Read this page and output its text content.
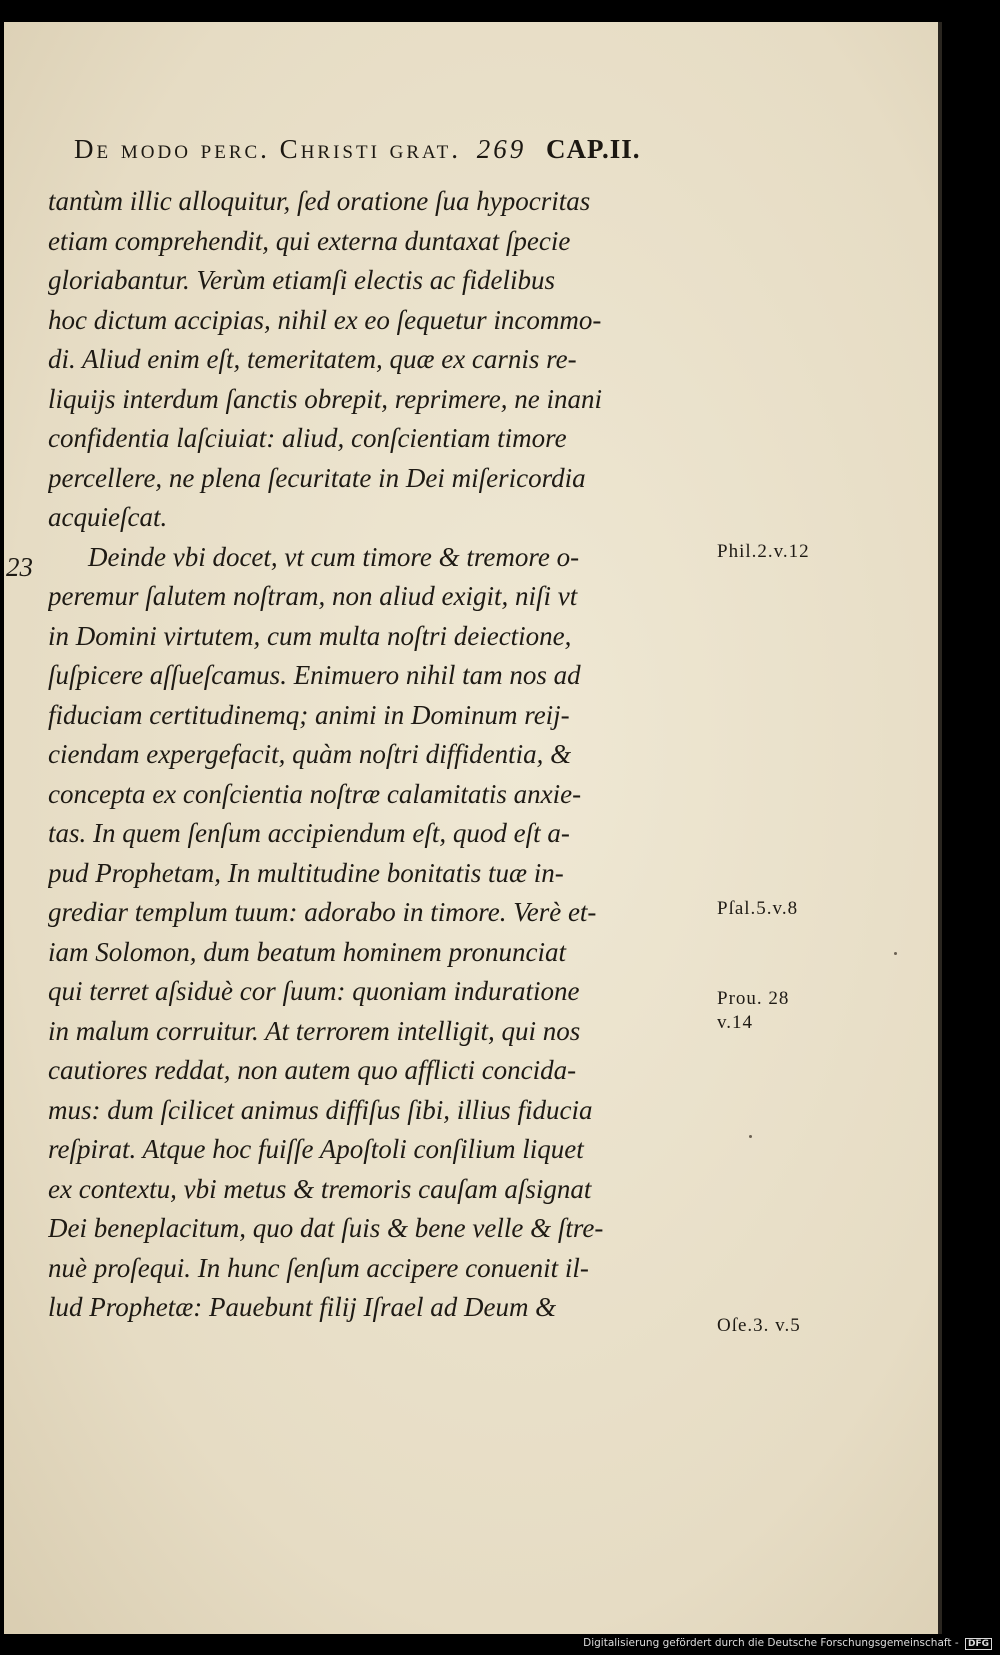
De modo perc. Christi grat. 269 CAP.II.
23
tantùm illic alloquitur, ſed oratione ſua hypocritas
etiam comprehendit, qui externa duntaxat ſpecie
gloriabantur. Verùm etiamſi electis ac fidelibus
hoc dictum accipias, nihil ex eo ſequetur incommo-
di. Aliud enim eſt, temeritatem, quæ ex carnis re-
liquijs interdum ſanctis obrepit, reprimere, ne inani
confidentia laſciuiat: aliud, conſcientiam timore
percellere, ne plena ſecuritate in Dei miſericordia
acquieſcat.
Deinde vbi docet, vt cum timore & tremore o-
peremur ſalutem noſtram, non aliud exigit, niſi vt
in Domini virtutem, cum multa noſtri deiectione,
ſuſpicere aſſueſcamus. Enimuero nihil tam nos ad
fiduciam certitudinemq; animi in Dominum reij-
ciendam expergefacit, quàm noſtri diffidentia, &
concepta ex conſcientia noſtræ calamitatis anxie-
tas. In quem ſenſum accipiendum eſt, quod eſt a-
pud Prophetam, In multitudine bonitatis tuæ in-
grediar templum tuum: adorabo in timore. Verè et-
iam Solomon, dum beatum hominem pronunciat
qui terret aſsiduè cor ſuum: quoniam induratione
in malum corruitur. At terrorem intelligit, qui nos
cautiores reddat, non autem quo afflicti concida-
mus: dum ſcilicet animus diffiſus ſibi, illius fiducia
reſpirat. Atque hoc fuiſſe Apoſtoli conſilium liquet
ex contextu, vbi metus & tremoris cauſam aſsignat
Dei beneplacitum, quo dat ſuis & bene velle & ſtre-
nuè proſequi. In hunc ſenſum accipere conuenit il-
lud Prophetæ: Pauebunt filij Iſrael ad Deum &
Phil.2.v.12
Pſal.5.v.8
Prou. 28
v.14
Oſe.3. v.5
Digitalisierung gefördert durch die Deutsche Forschungsgemeinschaft - DFG
